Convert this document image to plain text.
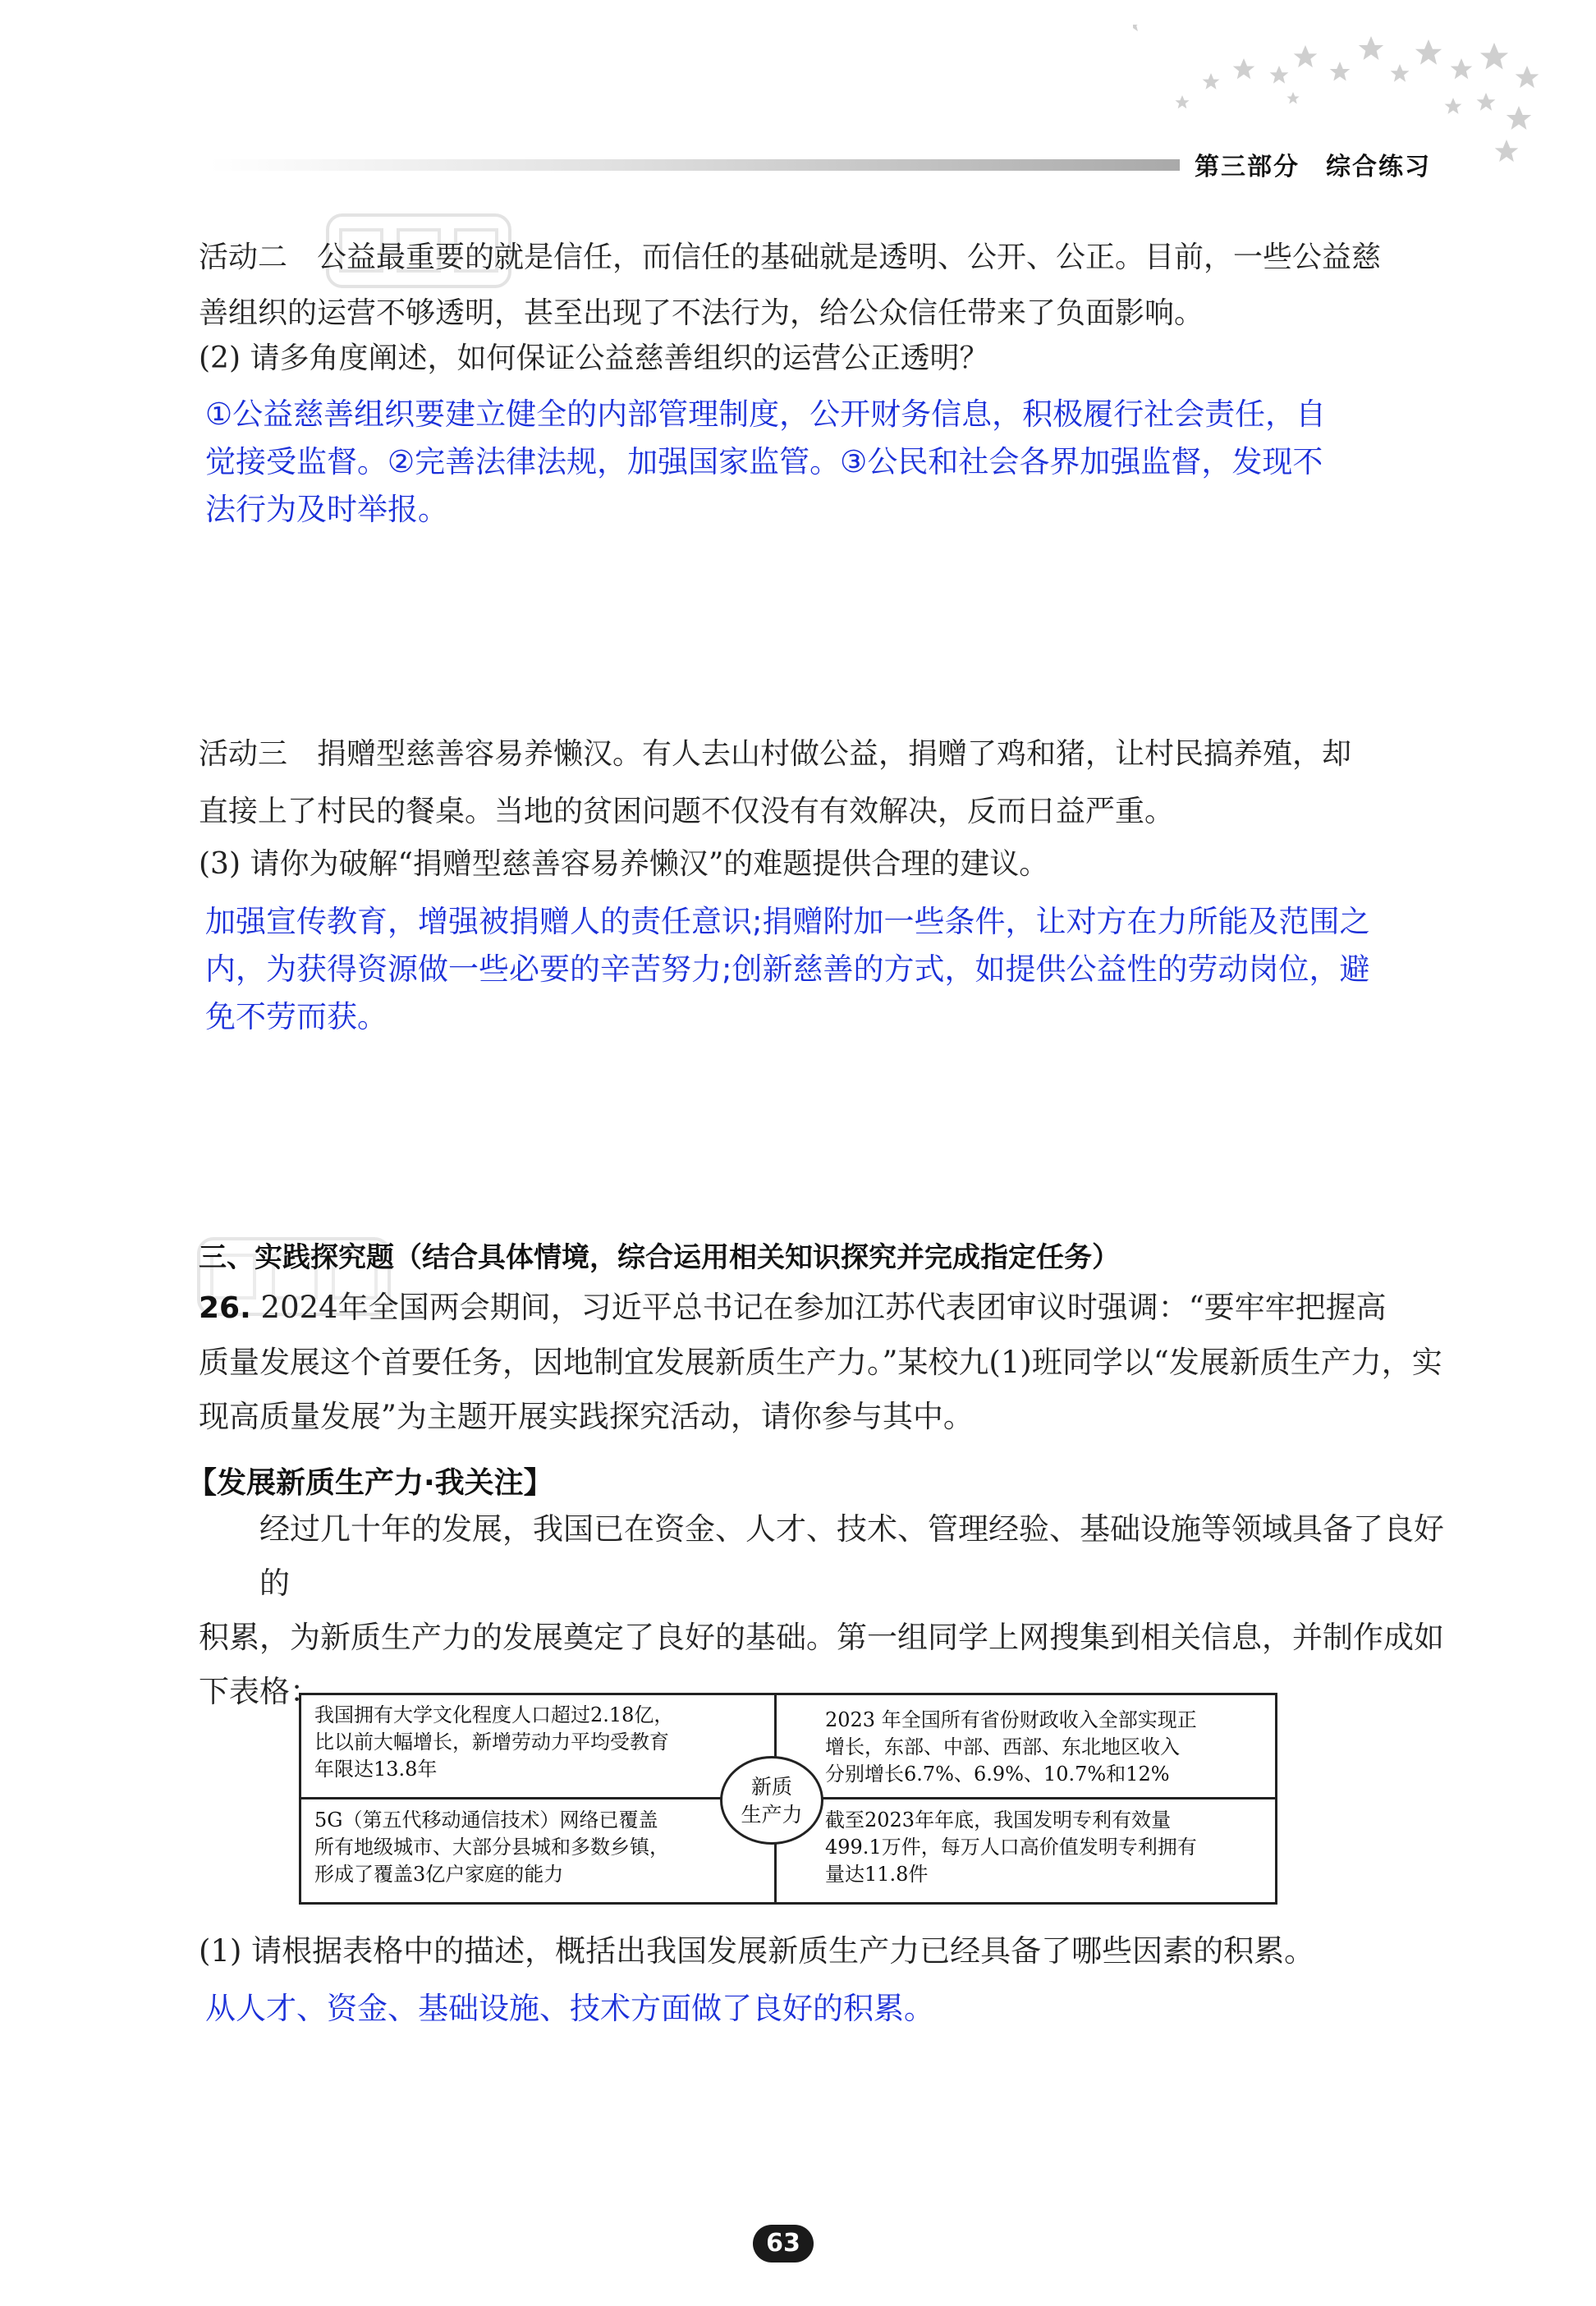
第三部分　综合练习
活动二　公益最重要的就是信任，而信任的基础就是透明、公开、公正。目前，一些公益慈
善组织的运营不够透明，甚至出现了不法行为，给公众信任带来了负面影响。
(2) 请多角度阐述，如何保证公益慈善组织的运营公正透明？
①公益慈善组织要建立健全的内部管理制度，公开财务信息，积极履行社会责任，自
觉接受监督。②完善法律法规，加强国家监管。③公民和社会各界加强监督，发现不
法行为及时举报。
活动三　捐赠型慈善容易养懒汉。有人去山村做公益，捐赠了鸡和猪，让村民搞养殖，却
直接上了村民的餐桌。当地的贫困问题不仅没有有效解决，反而日益严重。
(3) 请你为破解“捐赠型慈善容易养懒汉”的难题提供合理的建议。
加强宣传教育，增强被捐赠人的责任意识;捐赠附加一些条件，让对方在力所能及范围之
内，为获得资源做一些必要的辛苦努力;创新慈善的方式，如提供公益性的劳动岗位，避
免不劳而获。
三、实践探究题（结合具体情境，综合运用相关知识探究并完成指定任务）
26. 2024年全国两会期间，习近平总书记在参加江苏代表团审议时强调：“要牢牢把握高
质量发展这个首要任务，因地制宜发展新质生产力。”某校九(1)班同学以“发展新质生产力，实
现高质量发展”为主题开展实践探究活动，请你参与其中。
【发展新质生产力·我关注】
经过几十年的发展，我国已在资金、人才、技术、管理经验、基础设施等领域具备了良好的
积累，为新质生产力的发展奠定了良好的基础。第一组同学上网搜集到相关信息，并制作成如
下表格：
新质
生产力
我国拥有大学文化程度人口超过2.18亿，
比以前大幅增长，新增劳动力平均受教育
年限达13.8年
2023 年全国所有省份财政收入全部实现正
增长，东部、中部、西部、东北地区收入
分别增长6.7%、6.9%、10.7%和12%
5G（第五代移动通信技术）网络已覆盖
所有地级城市、大部分县城和多数乡镇，
形成了覆盖3亿户家庭的能力
截至2023年年底，我国发明专利有效量
499.1万件，每万人口高价值发明专利拥有
量达11.8件
(1) 请根据表格中的描述，概括出我国发展新质生产力已经具备了哪些因素的积累。
从人才、资金、基础设施、技术方面做了良好的积累。
63
